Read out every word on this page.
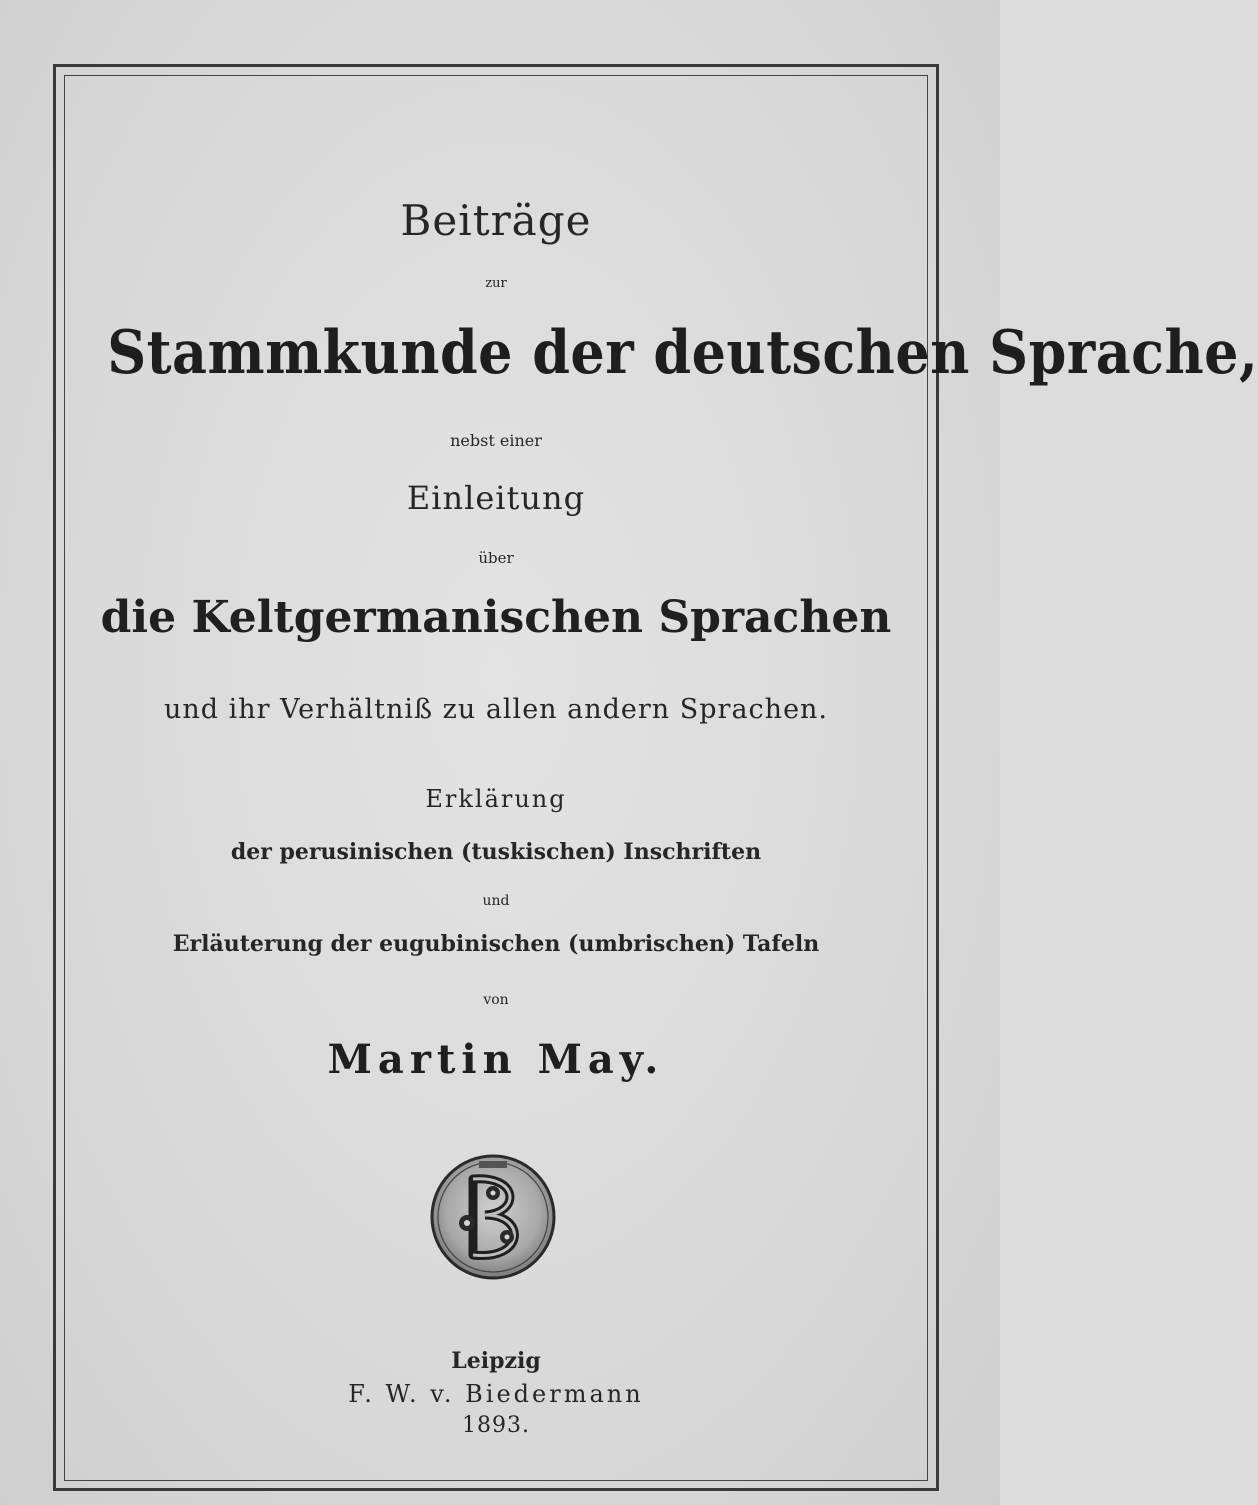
Beiträge
zur
Stammkunde der deutschen Sprache,
nebst einer
Einleitung
über
die Keltgermanischen Sprachen
und ihr Verhältniß zu allen andern Sprachen.
Erklärung
der perusinischen (tuskischen) Inschriften
und
Erläuterung der eugubinischen (umbrischen) Tafeln
von
Martin May.
Leipzig
F. W. v. Biedermann
1893.
